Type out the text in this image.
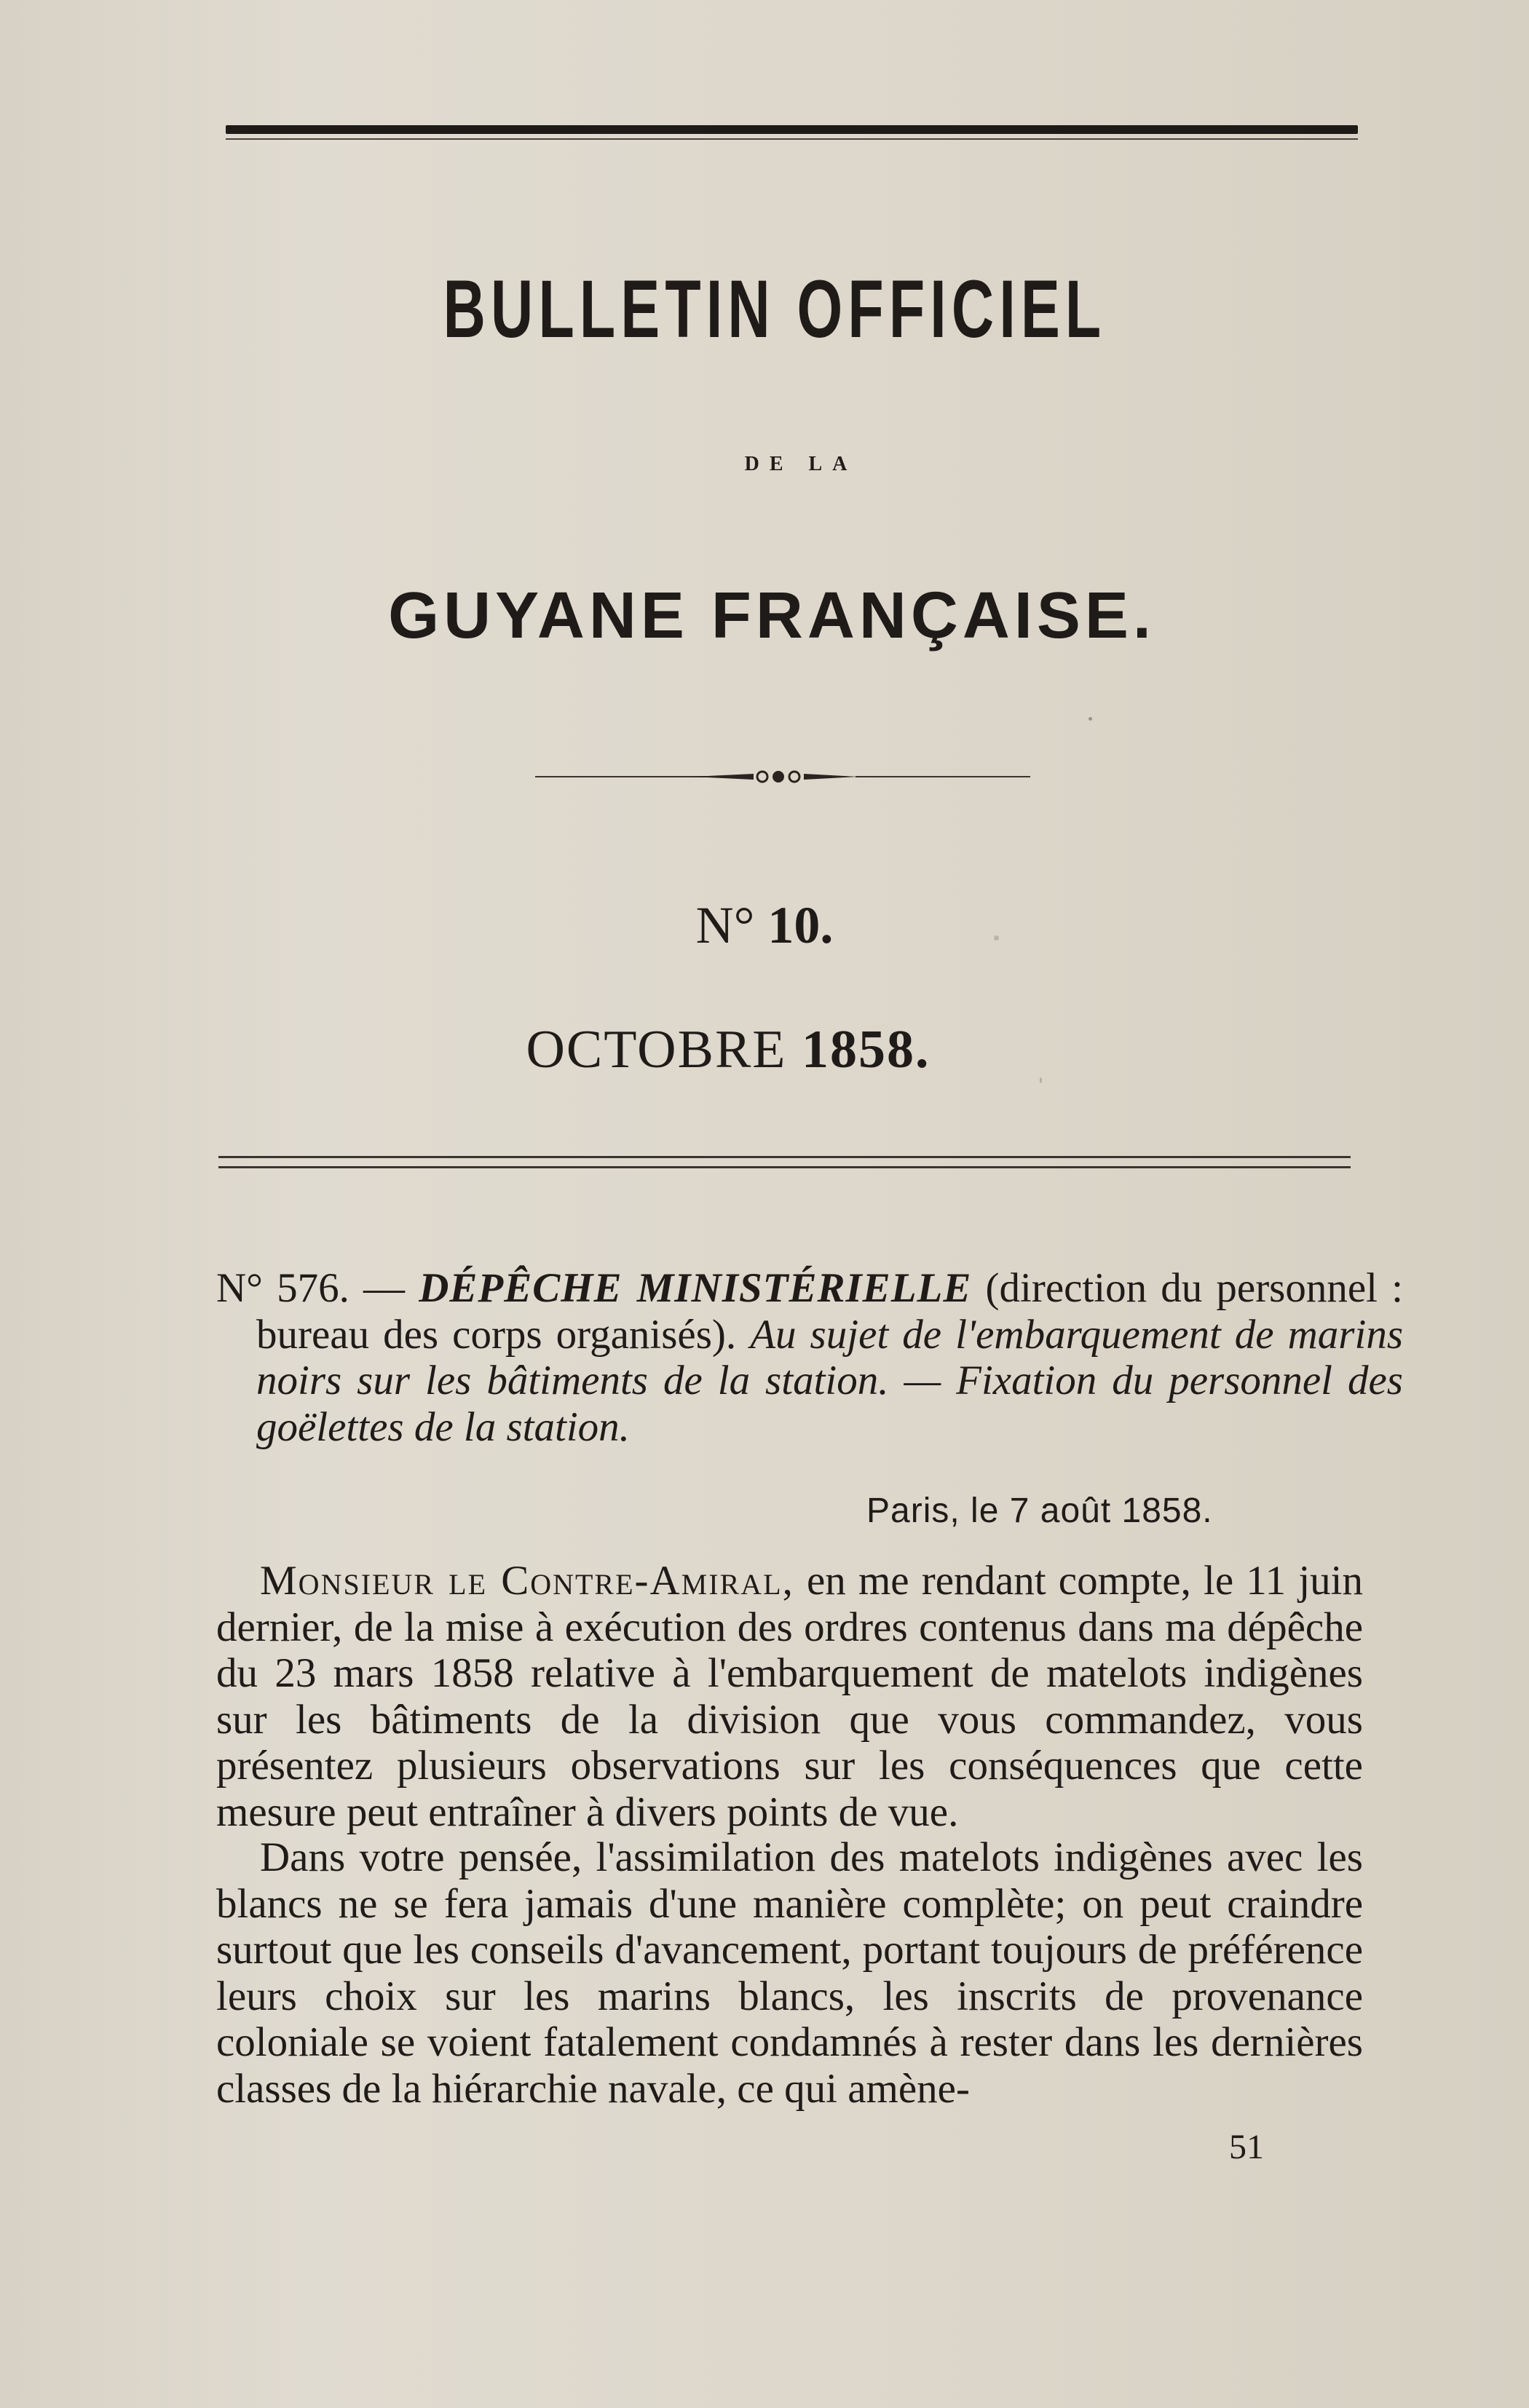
BULLETIN OFFICIEL
DE LA
GUYANE FRANÇAISE.
N° 10.
OCTOBRE 1858.
N° 576. — DÉPÊCHE MINISTÉRIELLE (direction du personnel : bureau des corps organisés). Au sujet de l'embarquement de marins noirs sur les bâtiments de la station. — Fixation du personnel des goëlettes de la station.
Paris, le 7 août 1858.
Monsieur le Contre-Amiral, en me rendant compte, le 11 juin dernier, de la mise à exécution des ordres contenus dans ma dépêche du 23 mars 1858 relative à l'embarquement de matelots indigènes sur les bâtiments de la division que vous commandez, vous présentez plusieurs observations sur les conséquences que cette mesure peut entraîner à divers points de vue.
Dans votre pensée, l'assimilation des matelots indigènes avec les blancs ne se fera jamais d'une manière complète; on peut craindre surtout que les conseils d'avancement, portant toujours de préférence leurs choix sur les marins blancs, les inscrits de provenance coloniale se voient fatalement condamnés à rester dans les dernières classes de la hiérarchie navale, ce qui amène-
51
